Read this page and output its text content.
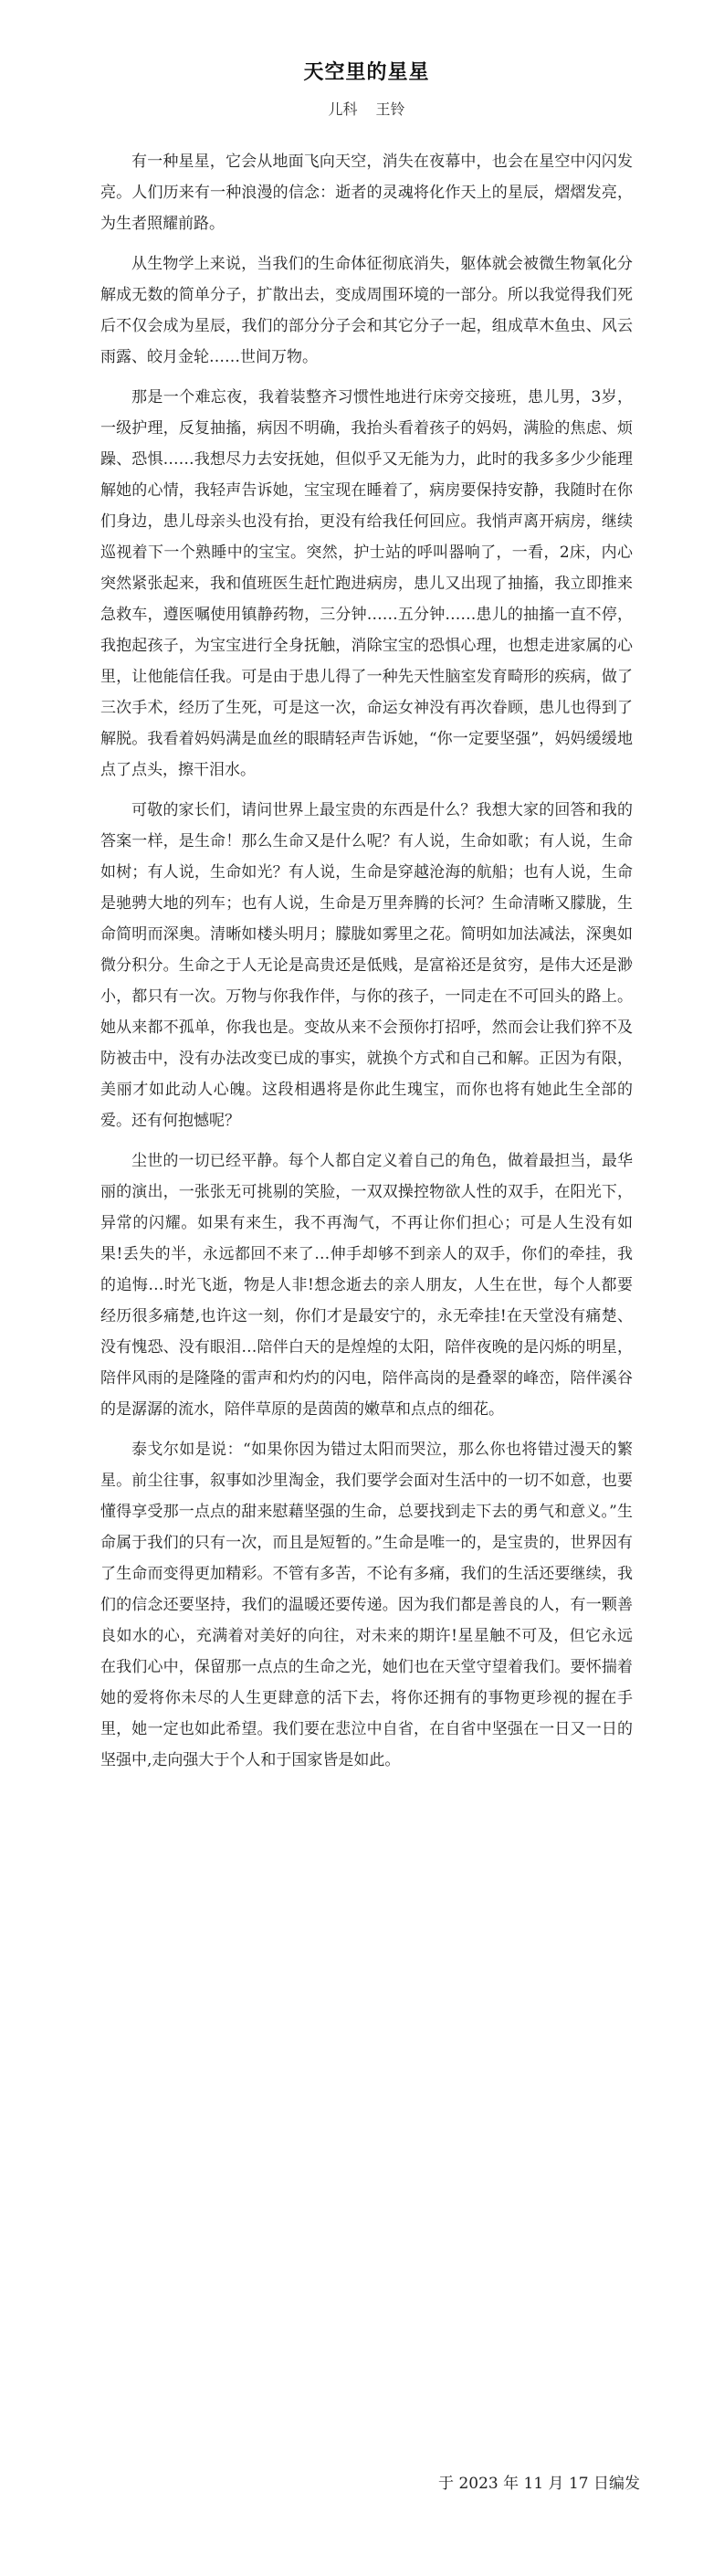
天空里的星星
儿科 王铃

有一种星星，它会从地面飞向天空，消失在夜幕中，也会在星空中闪闪发亮。人们历来有一种浪漫的信念：逝者的灵魂将化作天上的星辰，熠熠发亮，为生者照耀前路。

从生物学上来说，当我们的生命体征彻底消失，躯体就会被微生物氧化分解成无数的简单分子，扩散出去，变成周围环境的一部分。所以我觉得我们死后不仅会成为星辰，我们的部分分子会和其它分子一起，组成草木鱼虫、风云雨露、皎月金轮……世间万物。

那是一个难忘夜，我着装整齐习惯性地进行床旁交接班，患儿男，3岁，一级护理，反复抽搐，病因不明确，我抬头看着孩子的妈妈，满脸的焦虑、烦躁、恐惧……我想尽力去安抚她，但似乎又无能为力，此时的我多多少少能理解她的心情，我轻声告诉她，宝宝现在睡着了，病房要保持安静，我随时在你们身边，患儿母亲头也没有抬，更没有给我任何回应。我悄声离开病房，继续巡视着下一个熟睡中的宝宝。突然，护士站的呼叫器响了，一看，2床，内心突然紧张起来，我和值班医生赶忙跑进病房，患儿又出现了抽搐，我立即推来急救车，遵医嘱使用镇静药物，三分钟……五分钟……患儿的抽搐一直不停，我抱起孩子，为宝宝进行全身抚触，消除宝宝的恐惧心理，也想走进家属的心里，让他能信任我。可是由于患儿得了一种先天性脑室发育畸形的疾病，做了三次手术，经历了生死，可是这一次，命运女神没有再次眷顾，患儿也得到了解脱。我看着妈妈满是血丝的眼睛轻声告诉她，“你一定要坚强”，妈妈缓缓地点了点头，擦干泪水。

可敬的家长们，请问世界上最宝贵的东西是什么？我想大家的回答和我的答案一样，是生命！那么生命又是什么呢？有人说，生命如歌；有人说，生命如树；有人说，生命如光？有人说，生命是穿越沧海的航船；也有人说，生命是驰骋大地的列车；也有人说，生命是万里奔腾的长河？生命清晰又朦胧，生命简明而深奥。清晰如楼头明月；朦胧如雾里之花。简明如加法减法，深奥如微分积分。生命之于人无论是高贵还是低贱，是富裕还是贫穷，是伟大还是渺小，都只有一次。万物与你我作伴，与你的孩子，一同走在不可回头的路上。她从来都不孤单，你我也是。变故从来不会预你打招呼，然而会让我们猝不及防被击中，没有办法改变已成的事实，就换个方式和自己和解。正因为有限，美丽才如此动人心魄。这段相遇将是你此生瑰宝，而你也将有她此生全部的爱。还有何抱憾呢？

尘世的一切已经平静。每个人都自定义着自己的角色，做着最担当，最华丽的演出，一张张无可挑剔的笑脸，一双双操控物欲人性的双手，在阳光下，异常的闪耀。如果有来生，我不再淘气，不再让你们担心；可是人生没有如果!丢失的半，永远都回不来了…伸手却够不到亲人的双手，你们的牵挂，我的追悔…时光飞逝，物是人非!想念逝去的亲人朋友，人生在世，每个人都要经历很多痛楚,也许这一刻，你们才是最安宁的，永无牵挂!在天堂没有痛楚、没有愧恐、没有眼泪…陪伴白天的是煌煌的太阳，陪伴夜晚的是闪烁的明星，陪伴风雨的是隆隆的雷声和灼灼的闪电，陪伴高岗的是叠翠的峰峦，陪伴溪谷的是潺潺的流水，陪伴草原的是茵茵的嫩草和点点的细花。

泰戈尔如是说：“如果你因为错过太阳而哭泣，那么你也将错过漫天的繁星。前尘往事，叙事如沙里淘金，我们要学会面对生活中的一切不如意，也要懂得享受那一点点的甜来慰藉坚强的生命，总要找到走下去的勇气和意义。”生命属于我们的只有一次，而且是短暂的。”生命是唯一的，是宝贵的，世界因有了生命而变得更加精彩。不管有多苦，不论有多痛，我们的生活还要继续，我们的信念还要坚持，我们的温暖还要传递。因为我们都是善良的人，有一颗善良如水的心，充满着对美好的向往，对未来的期许!星星触不可及，但它永远在我们心中，保留那一点点的生命之光，她们也在天堂守望着我们。要怀揣着她的爱将你未尽的人生更肆意的活下去，将你还拥有的事物更珍视的握在手里，她一定也如此希望。我们要在悲泣中自省，在自省中坚强在一日又一日的坚强中,走向强大于个人和于国家皆是如此。

于 2023 年 11 月 17 日编发
